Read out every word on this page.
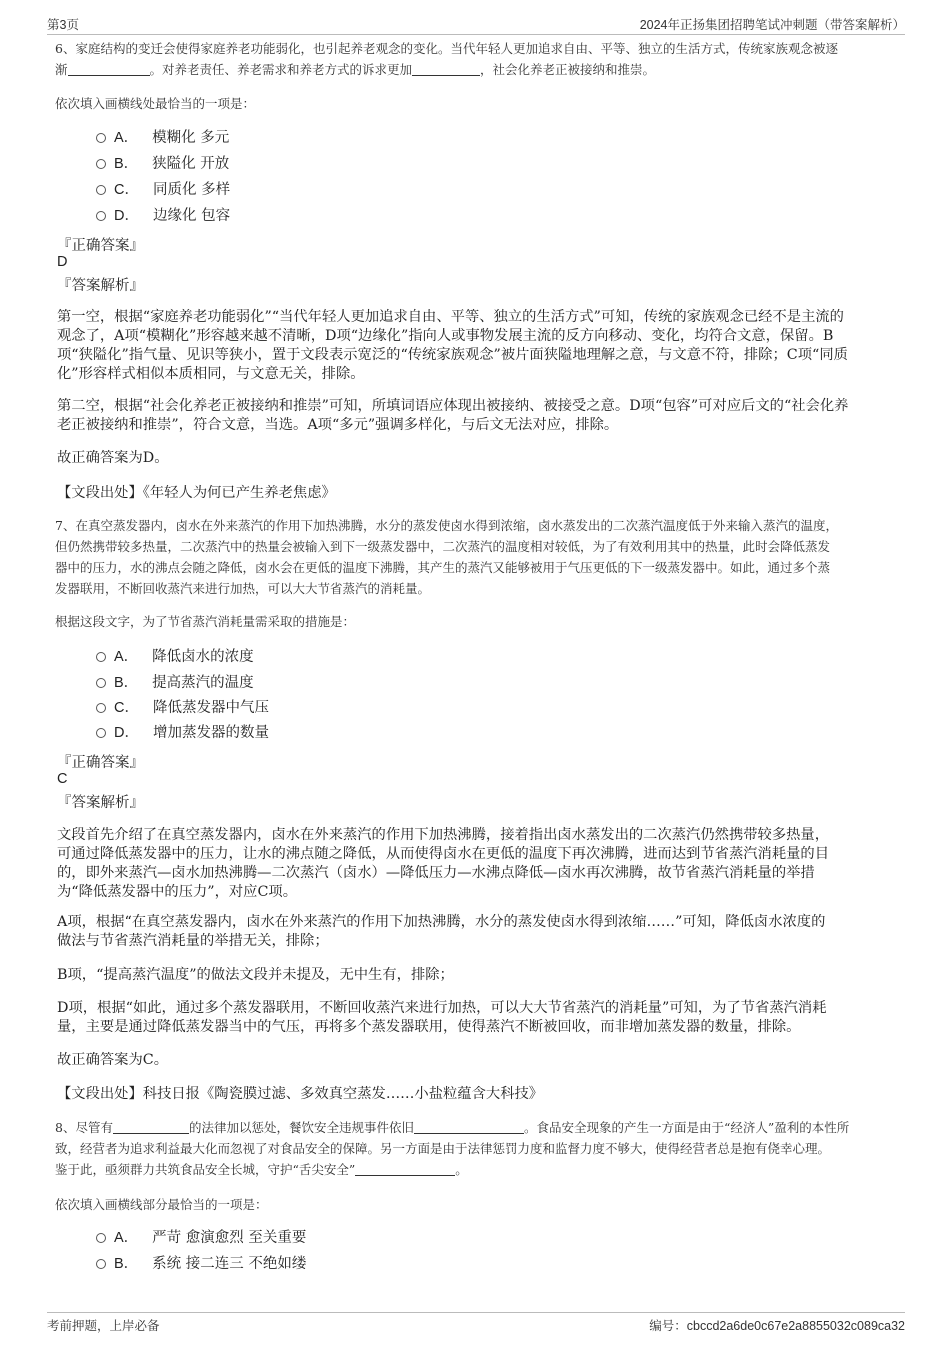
第3页	2024年正扬集团招聘笔试冲刺题（带答案解析）

6、家庭结构的变迁会使得家庭养老功能弱化，也引起养老观念的变化。当代年轻人更加追求自由、平等、独立的生活方式，传统家族观念被逐
渐	。对养老责任、养老需求和养老方式的诉求更加	，社会化养老正被接纳和推崇。

依次填入画横线处最恰当的一项是：

A． 模糊化 多元
B． 狭隘化 开放
C． 同质化 多样
D． 边缘化 包容

『正确答案』

D

『答案解析』

第一空，根据“家庭养老功能弱化”“当代年轻人更加追求自由、平等、独立的生活方式”可知，传统的家族观念已经不是主流的
观念了，A项“模糊化”形容越来越不清晰，D项“边缘化”指向人或事物发展主流的反方向移动、变化，均符合文意，保留。B
项“狭隘化”指气量、见识等狭小，置于文段表示宽泛的“传统家族观念”被片面狭隘地理解之意，与文意不符，排除；C项“同质
化”形容样式相似本质相同，与文意无关，排除。

第二空，根据“社会化养老正被接纳和推崇”可知，所填词语应体现出被接纳、被接受之意。D项“包容”可对应后文的“社会化养
老正被接纳和推崇”，符合文意，当选。A项“多元”强调多样化，与后文无法对应，排除。

故正确答案为D。

【文段出处】《年轻人为何已产生养老焦虑》

7、在真空蒸发器内，卤水在外来蒸汽的作用下加热沸腾，水分的蒸发使卤水得到浓缩，卤水蒸发出的二次蒸汽温度低于外来输入蒸汽的温度，
但仍然携带较多热量，二次蒸汽中的热量会被输入到下一级蒸发器中，二次蒸汽的温度相对较低，为了有效利用其中的热量，此时会降低蒸发
器中的压力，水的沸点会随之降低，卤水会在更低的温度下沸腾，其产生的蒸汽又能够被用于气压更低的下一级蒸发器中。如此，通过多个蒸
发器联用，不断回收蒸汽来进行加热，可以大大节省蒸汽的消耗量。

根据这段文字，为了节省蒸汽消耗量需采取的措施是：

A． 降低卤水的浓度
B． 提高蒸汽的温度
C． 降低蒸发器中气压
D． 增加蒸发器的数量

『正确答案』

C

『答案解析』

文段首先介绍了在真空蒸发器内，卤水在外来蒸汽的作用下加热沸腾，接着指出卤水蒸发出的二次蒸汽仍然携带较多热量，
可通过降低蒸发器中的压力，让水的沸点随之降低，从而使得卤水在更低的温度下再次沸腾，进而达到节省蒸汽消耗量的目
的，即外来蒸汽—卤水加热沸腾—二次蒸汽（卤水）—降低压力—水沸点降低—卤水再次沸腾，故节省蒸汽消耗量的举措
为“降低蒸发器中的压力”，对应C项。

A项，根据“在真空蒸发器内，卤水在外来蒸汽的作用下加热沸腾，水分的蒸发使卤水得到浓缩……”可知，降低卤水浓度的
做法与节省蒸汽消耗量的举措无关，排除；

B项，“提高蒸汽温度”的做法文段并未提及，无中生有，排除；

D项，根据“如此，通过多个蒸发器联用，不断回收蒸汽来进行加热，可以大大节省蒸汽的消耗量”可知，为了节省蒸汽消耗
量，主要是通过降低蒸发器当中的气压，再将多个蒸发器联用，使得蒸汽不断被回收，而非增加蒸发器的数量，排除。

故正确答案为C。

【文段出处】科技日报《陶瓷膜过滤、多效真空蒸发……小盐粒蕴含大科技》

8、尽管有	的法律加以惩处，餐饮安全违规事件依旧	。食品安全现象的产生一方面是由于“经济人”盈利的本性所
致，经营者为追求利益最大化而忽视了对食品安全的保障。另一方面是由于法律惩罚力度和监督力度不够大，使得经营者总是抱有侥幸心理。
鉴于此，亟须群力共筑食品安全长城，守护“舌尖安全”	。

依次填入画横线部分最恰当的一项是：

A． 严苛 愈演愈烈 至关重要
B． 系统 接二连三 不绝如缕
考前押题，上岸必备	编号：cbccd2a6de0c67e2a8855032c089ca32
